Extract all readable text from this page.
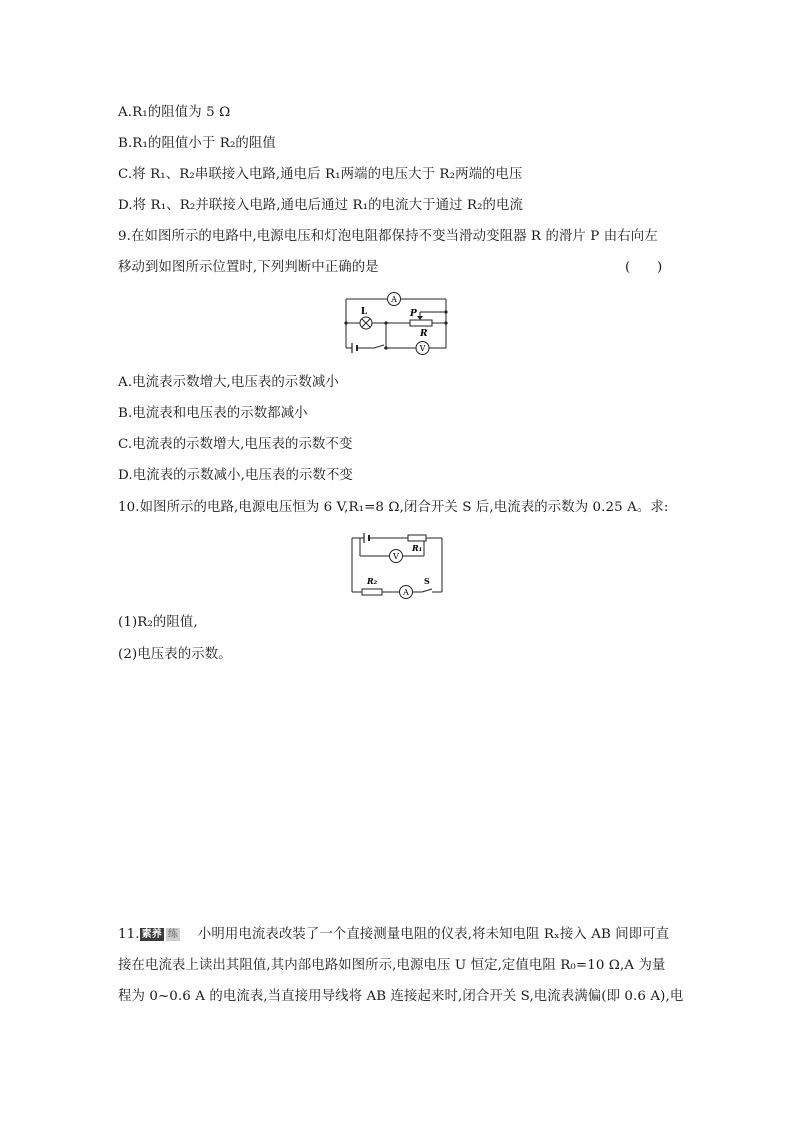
A.R₁的阻值为 5 Ω
B.R₁的阻值小于 R₂的阻值
C.将 R₁、R₂串联接入电路,通电后 R₁两端的电压大于 R₂两端的电压
D.将 R₁、R₂并联接入电路,通电后通过 R₁的电流大于通过 R₂的电流
9.在如图所示的电路中,电源电压和灯泡电阻都保持不变当滑动变阻器 R 的滑片 P 由右向左
移动到如图所示位置时,下列判断中正确的是	(　　)
A
V
L	P
R
A.电流表示数增大,电压表的示数减小
B.电流表和电压表的示数都减小
C.电流表的示数增大,电压表的示数不变
D.电流表的示数减小,电压表的示数不变
10.如图所示的电路,电源电压恒为 6 V,R₁=8 Ω,闭合开关 S 后,电流表的示数为 0.25 A。求:
V
A
R₁
R₂	S
(1)R₂的阻值,
(2)电压表的示数。
11. 素养 练 小明用电流表改装了一个直接测量电阻的仪表,将未知电阻 Rₓ接入 AB 间即可直
接在电流表上读出其阻值,其内部电路如图所示,电源电压 U 恒定,定值电阻 R₀=10 Ω,A 为量
程为 0~0.6 A 的电流表,当直接用导线将 AB 连接起来时,闭合开关 S,电流表满偏(即 0.6 A),电
